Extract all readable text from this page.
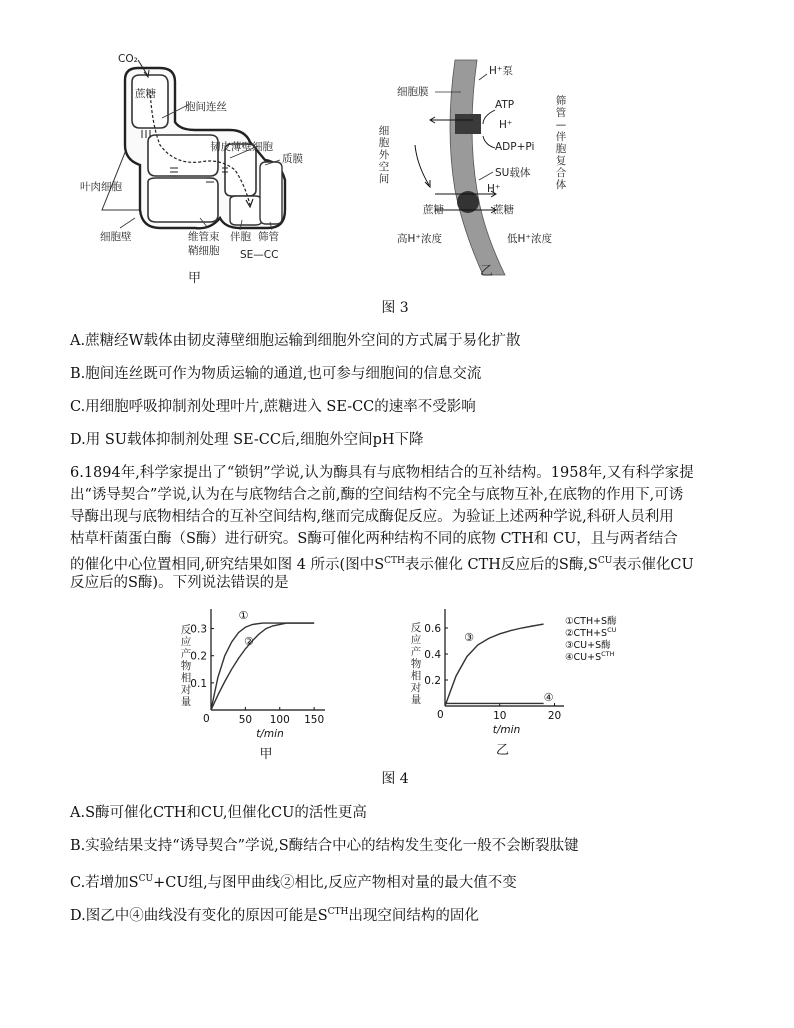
CO₂
蔗糖
胞间连丝
韧皮薄壁细胞
质膜
叶肉细胞
细胞壁	维管束
鞘细胞
伴胞 筛管
SE—CC
甲
细胞膜
H⁺泵
ATP
H⁺
ADP+Pi
SU载体
H⁺
蔗糖	蔗糖
高H⁺浓度	低H⁺浓度
乙
细胞外空间
筛管—伴胞复合体
图 3
A.蔗糖经W载体由韧皮薄壁细胞运输到细胞外空间的方式属于易化扩散
B.胞间连丝既可作为物质运输的通道,也可参与细胞间的信息交流
C.用细胞呼吸抑制剂处理叶片,蔗糖进入 SE-CC的速率不受影响
D.用 SU载体抑制剂处理 SE-CC后,细胞外空间pH下降
6.1894年,科学家提出了“锁钥”学说,认为酶具有与底物相结合的互补结构。1958年,又有科学家提
出“诱导契合”学说,认为在与底物结合之前,酶的空间结构不完全与底物互补,在底物的作用下,可诱
导酶出现与底物相结合的互补空间结构,继而完成酶促反应。为验证上述两种学说,科研人员利用
枯草杆菌蛋白酶（S酶）进行研究。S酶可催化两种结构不同的底物 CTH和 CU，且与两者结合
的催化中心位置相同,研究结果如图 4 所示(图中$S^{CTH}$表示催化 CTH反应后的S酶$,S^{CU}$表示催化CU
反应后的S酶)。下列说法错误的是
反应产物相对量
0
0.1
0.2
0.3
50 100 150
t/min
甲
①
②
反应产物相对量
0
0.2
0.4
0.6
10	20
t/min
乙
③
④
①CTH+S酶
$②CTH+S^{CU}$
③CU+S酶
$④CU+S^{CTH}$
图 4
A.S酶可催化CTH和CU,但催化CU的活性更高
B.实验结果支持“诱导契合”学说,S酶结合中心的结构发生变化一般不会断裂肽键
C.若增加$S^{CU}+CU$组,与图甲曲线②相比,反应产物相对量的最大值不变
D.图乙中④曲线没有变化的原因可能是$S^{CTH}$出现空间结构的固化
